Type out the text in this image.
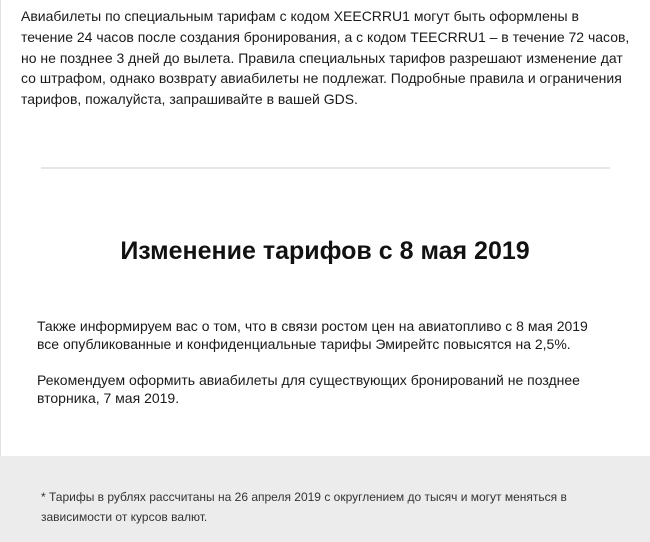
Авиабилеты по специальным тарифам с кодом XEECRRU1 могут быть оформлены в течение 24 часов после создания бронирования, а с кодом TEECRRU1 – в течение 72 часов, но не позднее 3 дней до вылета. Правила специальных тарифов разрешают изменение дат со штрафом, однако возврату авиабилеты не подлежат. Подробные правила и ограничения тарифов, пожалуйста, запрашивайте в вашей GDS.

Изменение тарифов с 8 мая 2019

Также информируем вас о том, что в связи ростом цен на авиатопливо с 8 мая 2019 все опубликованные и конфиденциальные тарифы Эмирейтс повысятся на 2,5%.

Рекомендуем оформить авиабилеты для существующих бронирований не позднее вторника, 7 мая 2019.

* Тарифы в рублях рассчитаны на 26 апреля 2019 с округлением до тысяч и могут меняться в зависимости от курсов валют.
